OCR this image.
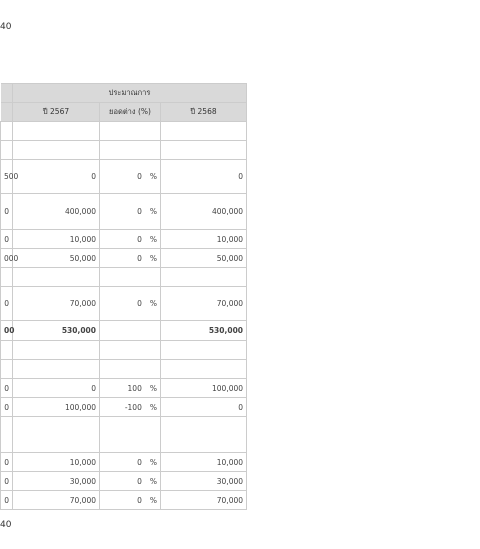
40
	ประมาณการ		
	ปี 2567	ยอดต่าง (%)	ปี 2568

500	0	0 %	0
0	400,000	0 %	400,000
0	10,000	0 %	10,000
000	50,000	0 %	50,000

0	70,000	0 %	70,000
00	530,000		530,000

0	0	100 %	100,000
0	100,000	-100 %	0

0	10,000	0 %	10,000
0	30,000	0 %	30,000
0	70,000	0 %	70,000
40
